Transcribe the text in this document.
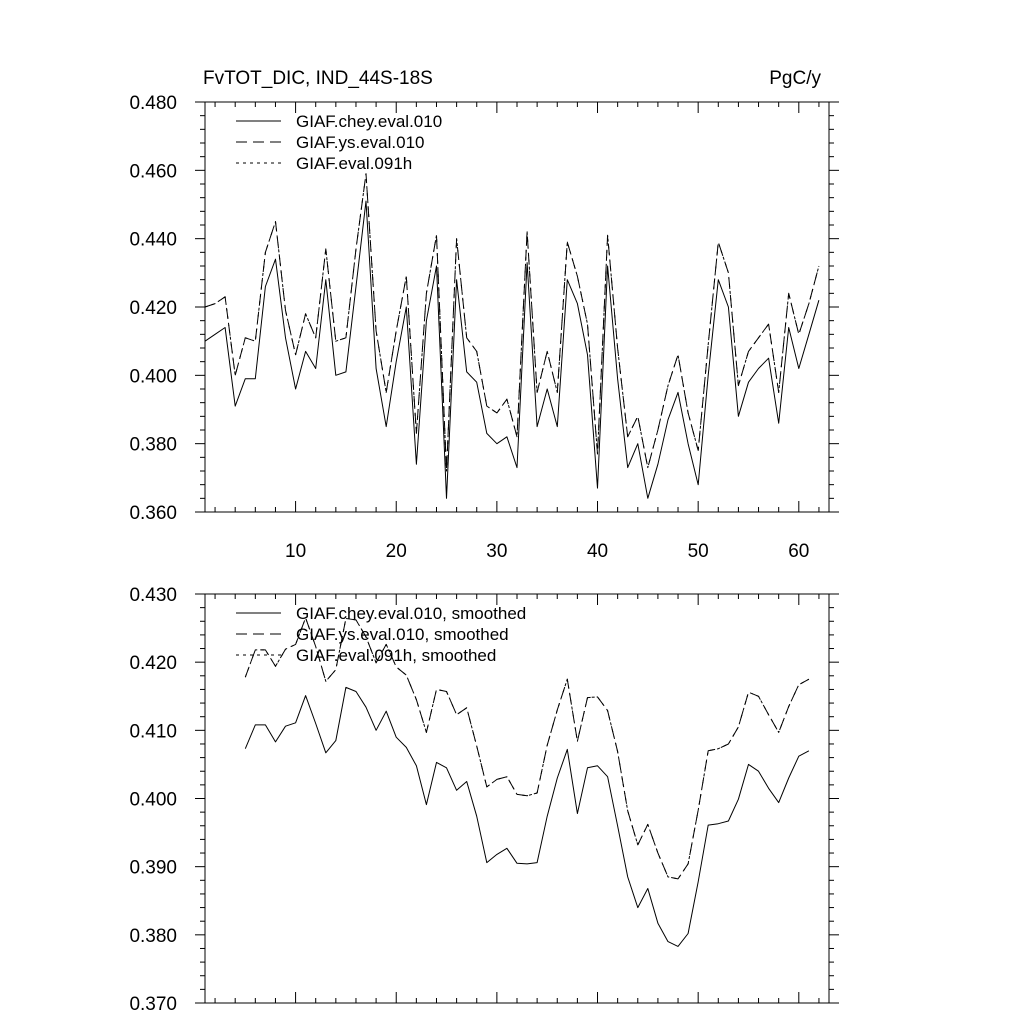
FvTOT_DIC, IND_44S-18S	PgC/y
0.360
0.380
0.400
0.420
0.440
0.460
0.480
10	20	30	40	50	60
GIAF.chey.eval.010
GIAF.ys.eval.010
GIAF.eval.091h
0.370
0.380
0.390
0.400
0.410
0.420
0.430
GIAF.chey.eval.010, smoothed
GIAF.ys.eval.010, smoothed
GIAF.eval.091h, smoothed
